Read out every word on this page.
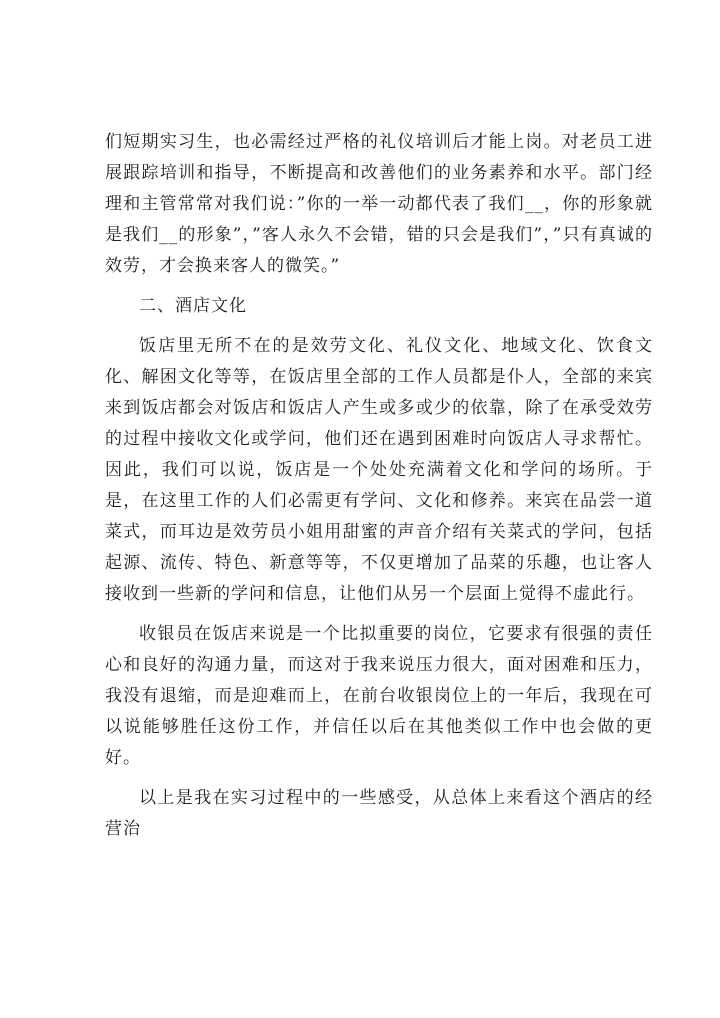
们短期实习生，也必需经过严格的礼仪培训后才能上岗。对老员工进展跟踪培训和指导，不断提高和改善他们的业务素养和水平。部门经理和主管常常对我们说：”你的一举一动都代表了我们__，你的形象就是我们__的形象”，”客人永久不会错，错的只会是我们”，”只有真诚的效劳，才会换来客人的微笑。”

二、酒店文化

饭店里无所不在的是效劳文化、礼仪文化、地域文化、饮食文化、解困文化等等，在饭店里全部的工作人员都是仆人，全部的来宾来到饭店都会对饭店和饭店人产生或多或少的依靠，除了在承受效劳的过程中接收文化或学问，他们还在遇到困难时向饭店人寻求帮忙。因此，我们可以说，饭店是一个处处充满着文化和学问的场所。于是，在这里工作的人们必需更有学问、文化和修养。来宾在品尝一道菜式，而耳边是效劳员小姐用甜蜜的声音介绍有关菜式的学问，包括起源、流传、特色、新意等等，不仅更增加了品菜的乐趣，也让客人接收到一些新的学问和信息，让他们从另一个层面上觉得不虚此行。

收银员在饭店来说是一个比拟重要的岗位，它要求有很强的责任心和良好的沟通力量，而这对于我来说压力很大，面对困难和压力，我没有退缩，而是迎难而上，在前台收银岗位上的一年后，我现在可以说能够胜任这份工作，并信任以后在其他类似工作中也会做的更好。

以上是我在实习过程中的一些感受，从总体上来看这个酒店的经营治
